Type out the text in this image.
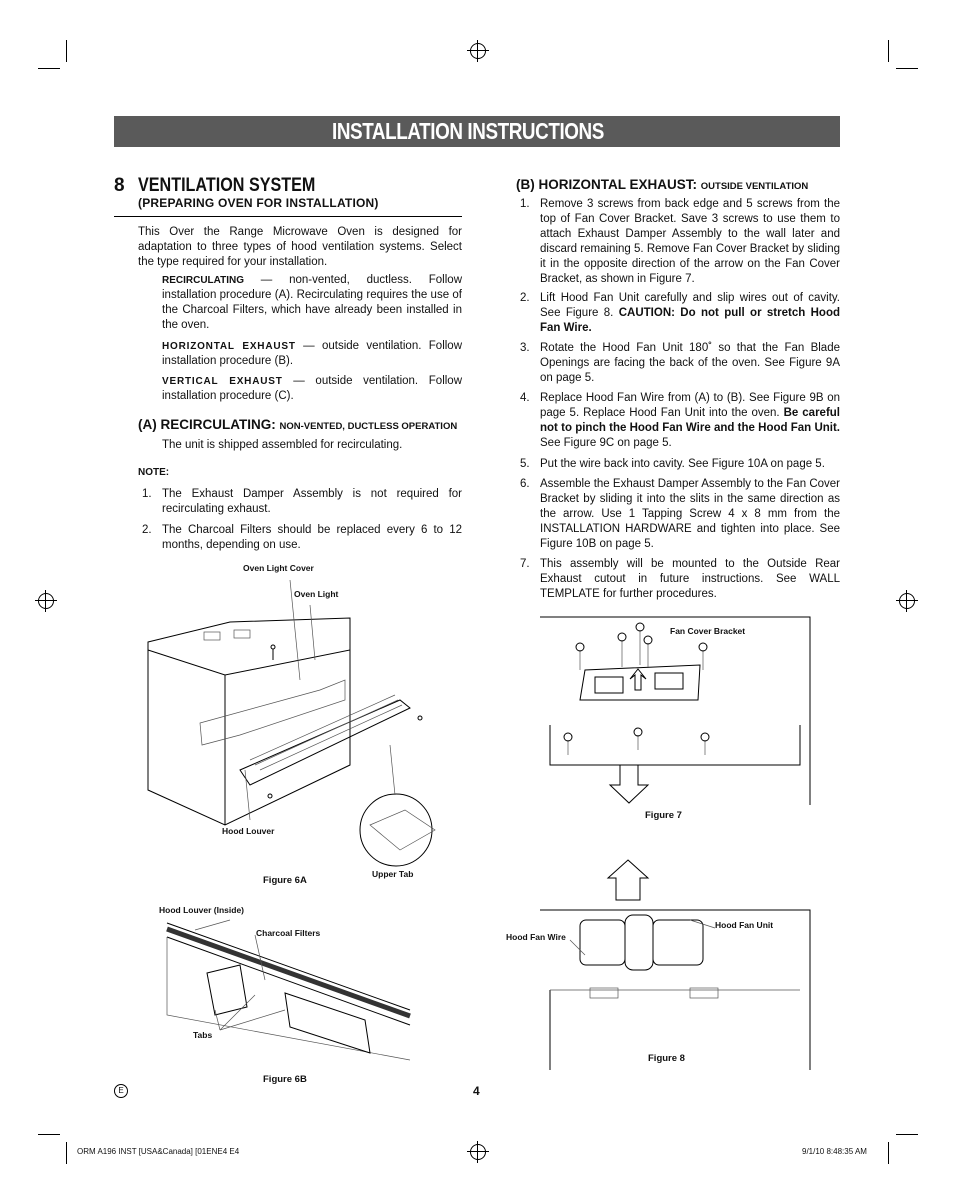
INSTALLATION INSTRUCTIONS
8 VENTILATION SYSTEM
(PREPARING OVEN FOR INSTALLATION)
This Over the Range Microwave Oven is designed for adaptation to three types of hood ventilation systems. Select the type required for your installation.
RECIRCULATING — non-vented, ductless. Follow installation procedure (A). Recirculating requires the use of the Charcoal Filters, which have already been installed in the oven.
HORIZONTAL EXHAUST — outside ventilation. Follow installation procedure (B).
VERTICAL EXHAUST — outside ventilation. Follow installation procedure (C).
(A) RECIRCULATING: NON-VENTED, DUCTLESS OPERATION
The unit is shipped assembled for recirculating.
NOTE:
1. The Exhaust Damper Assembly is not required for recirculating exhaust.
2. The Charcoal Filters should be replaced every 6 to 12 months, depending on use.
(B) HORIZONTAL EXHAUST: OUTSIDE VENTILATION
1. Remove 3 screws from back edge and 5 screws from the top of Fan Cover Bracket. Save 3 screws to use them to attach Exhaust Damper Assembly to the wall later and discard remaining 5. Remove Fan Cover Bracket by sliding it in the opposite direction of the arrow on the Fan Cover Bracket, as shown in Figure 7.
2. Lift Hood Fan Unit carefully and slip wires out of cavity. See Figure 8. CAUTION: Do not pull or stretch Hood Fan Wire.
3. Rotate the Hood Fan Unit 180˚ so that the Fan Blade Openings are facing the back of the oven. See Figure 9A on page 5.
4. Replace Hood Fan Wire from (A) to (B). See Figure 9B on page 5. Replace Hood Fan Unit into the oven. Be careful not to pinch the Hood Fan Wire and the Hood Fan Unit. See Figure 9C on page 5.
5. Put the wire back into cavity. See Figure 10A on page 5.
6. Assemble the Exhaust Damper Assembly to the Fan Cover Bracket by sliding it into the slits in the same direction as the arrow. Use 1 Tapping Screw 4 x 8 mm from the INSTALLATION HARDWARE and tighten into place. See Figure 10B on page 5.
7. This assembly will be mounted to the Outside Rear Exhaust cutout in future instructions. See WALL TEMPLATE for further procedures.
Oven Light Cover
Oven Light
Hood Louver
Upper Tab
Figure 6A
Hood Louver (Inside)
Charcoal Filters
Tabs
Figure 6B
Fan Cover Bracket
Figure 7
Hood Fan Wire
Hood Fan Unit
Figure 8
E	4
ORM A196 INST [USA&Canada] [01ENE4 E4	9/1/10 8:48:35 AM
